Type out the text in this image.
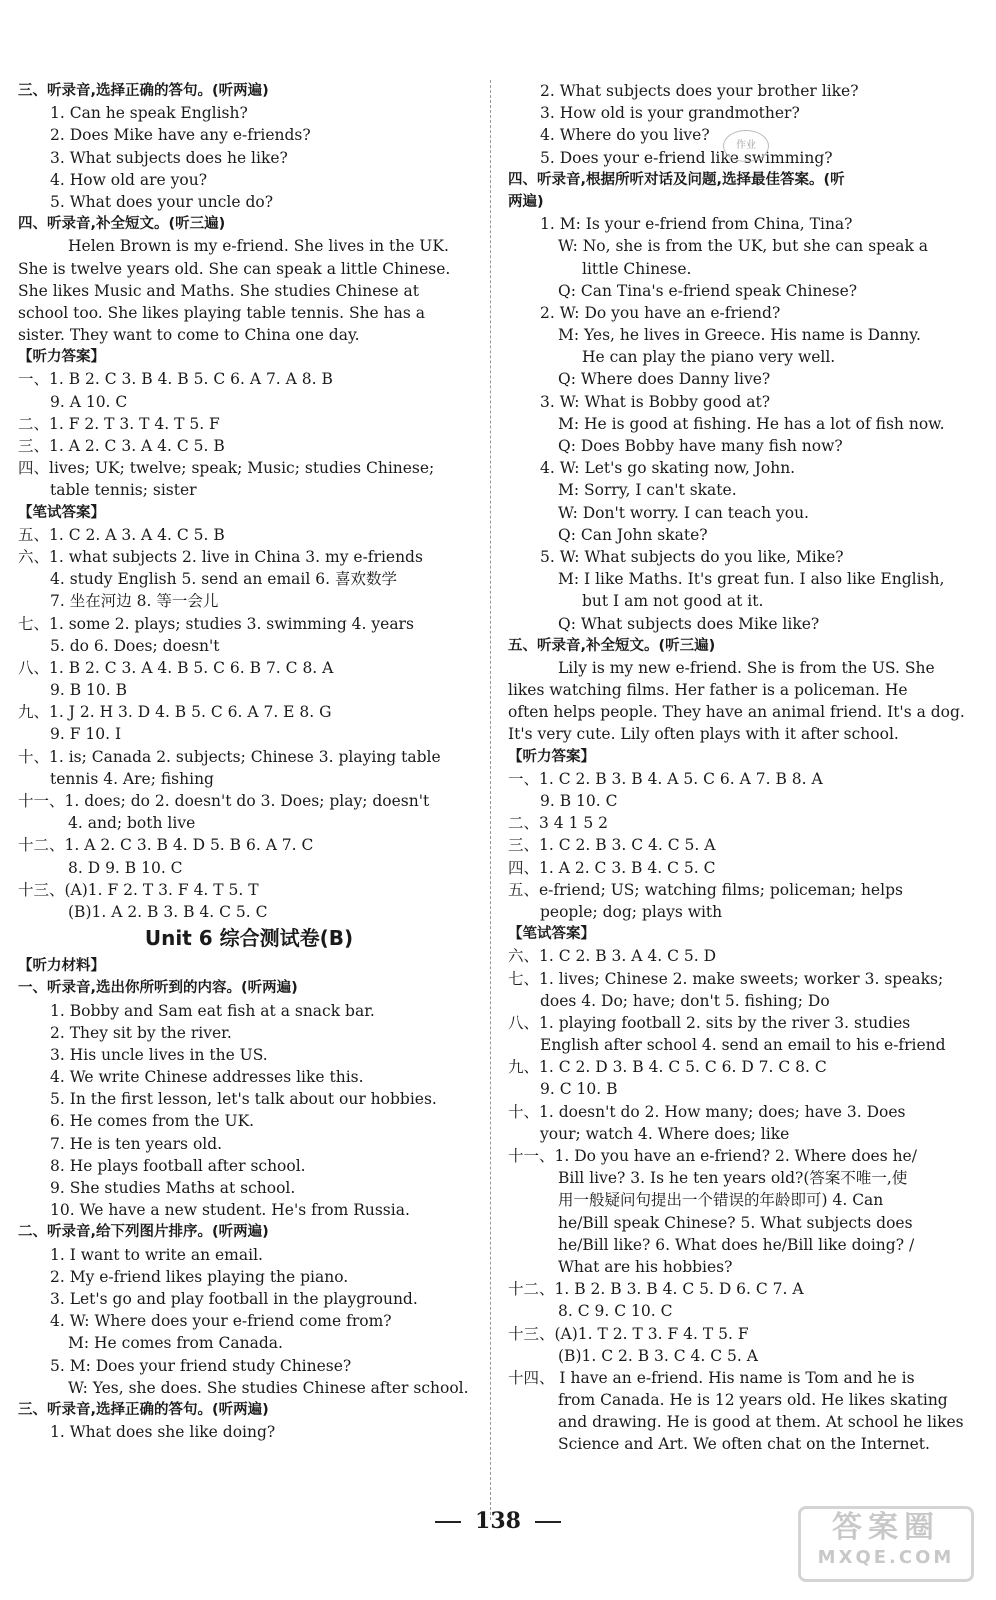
三、听录音,选择正确的答句。(听两遍)
1. Can he speak English?
2. Does Mike have any e-friends?
3. What subjects does he like?
4. How old are you?
5. What does your uncle do?
四、听录音,补全短文。(听三遍)
Helen Brown is my e-friend. She lives in the UK.
She is twelve years old. She can speak a little Chinese.
She likes Music and Maths. She studies Chinese at
school too. She likes playing table tennis. She has a
sister. They want to come to China one day.
【听力答案】
一、1. B 2. C 3. B 4. B 5. C 6. A 7. A 8. B
9. A 10. C
二、1. F 2. T 3. T 4. T 5. F
三、1. A 2. C 3. A 4. C 5. B
四、lives; UK; twelve; speak; Music; studies Chinese;
table tennis; sister
【笔试答案】
五、1. C 2. A 3. A 4. C 5. B
六、1. what subjects 2. live in China 3. my e-friends
4. study English 5. send an email 6. 喜欢数学
7. 坐在河边 8. 等一会儿
七、1. some 2. plays; studies 3. swimming 4. years
5. do 6. Does; doesn't
八、1. B 2. C 3. A 4. B 5. C 6. B 7. C 8. A
9. B 10. B
九、1. J 2. H 3. D 4. B 5. C 6. A 7. E 8. G
9. F 10. I
十、1. is; Canada 2. subjects; Chinese 3. playing table
tennis 4. Are; fishing
十一、1. does; do 2. doesn't do 3. Does; play; doesn't
4. and; both live
十二、1. A 2. C 3. B 4. D 5. B 6. A 7. C
8. D 9. B 10. C
十三、(A)1. F 2. T 3. F 4. T 5. T
(B)1. A 2. B 3. B 4. C 5. C
Unit 6 综合测试卷(B)
【听力材料】
一、听录音,选出你所听到的内容。(听两遍)
1. Bobby and Sam eat fish at a snack bar.
2. They sit by the river.
3. His uncle lives in the US.
4. We write Chinese addresses like this.
5. In the first lesson, let's talk about our hobbies.
6. He comes from the UK.
7. He is ten years old.
8. He plays football after school.
9. She studies Maths at school.
10. We have a new student. He's from Russia.
二、听录音,给下列图片排序。(听两遍)
1. I want to write an email.
2. My e-friend likes playing the piano.
3. Let's go and play football in the playground.
4. W: Where does your e-friend come from?
M: He comes from Canada.
5. M: Does your friend study Chinese?
W: Yes, she does. She studies Chinese after school.
三、听录音,选择正确的答句。(听两遍)
1. What does she like doing?
2. What subjects does your brother like?
3. How old is your grandmother?
4. Where do you live?
5. Does your e-friend like swimming?
四、听录音,根据所听对话及问题,选择最佳答案。(听
两遍)
1. M: Is your e-friend from China, Tina?
W: No, she is from the UK, but she can speak a
little Chinese.
Q: Can Tina's e-friend speak Chinese?
2. W: Do you have an e-friend?
M: Yes, he lives in Greece. His name is Danny.
He can play the piano very well.
Q: Where does Danny live?
3. W: What is Bobby good at?
M: He is good at fishing. He has a lot of fish now.
Q: Does Bobby have many fish now?
4. W: Let's go skating now, John.
M: Sorry, I can't skate.
W: Don't worry. I can teach you.
Q: Can John skate?
5. W: What subjects do you like, Mike?
M: I like Maths. It's great fun. I also like English,
but I am not good at it.
Q: What subjects does Mike like?
五、听录音,补全短文。(听三遍)
Lily is my new e-friend. She is from the US. She
likes watching films. Her father is a policeman. He
often helps people. They have an animal friend. It's a dog.
It's very cute. Lily often plays with it after school.
【听力答案】
一、1. C 2. B 3. B 4. A 5. C 6. A 7. B 8. A
9. B 10. C
二、3 4 1 5 2
三、1. C 2. B 3. C 4. C 5. A
四、1. A 2. C 3. B 4. C 5. C
五、e-friend; US; watching films; policeman; helps
people; dog; plays with
【笔试答案】
六、1. C 2. B 3. A 4. C 5. D
七、1. lives; Chinese 2. make sweets; worker 3. speaks;
does 4. Do; have; don't 5. fishing; Do
八、1. playing football 2. sits by the river 3. studies
English after school 4. send an email to his e-friend
九、1. C 2. D 3. B 4. C 5. C 6. D 7. C 8. C
9. C 10. B
十、1. doesn't do 2. How many; does; have 3. Does
your; watch 4. Where does; like
十一、1. Do you have an e-friend? 2. Where does he/
Bill live? 3. Is he ten years old?(答案不唯一,使
用一般疑问句提出一个错误的年龄即可) 4. Can
he/Bill speak Chinese? 5. What subjects does
he/Bill like? 6. What does he/Bill like doing? /
What are his hobbies?
十二、1. B 2. B 3. B 4. C 5. D 6. C 7. A
8. C 9. C 10. C
十三、(A)1. T 2. T 3. F 4. T 5. F
(B)1. C 2. B 3. C 4. C 5. A
十四、 I have an e-friend. His name is Tom and he is
from Canada. He is 12 years old. He likes skating
and drawing. He is good at them. At school he likes
Science and Art. We often chat on the Internet.
作业
138	答案圈
MXQE.COM
